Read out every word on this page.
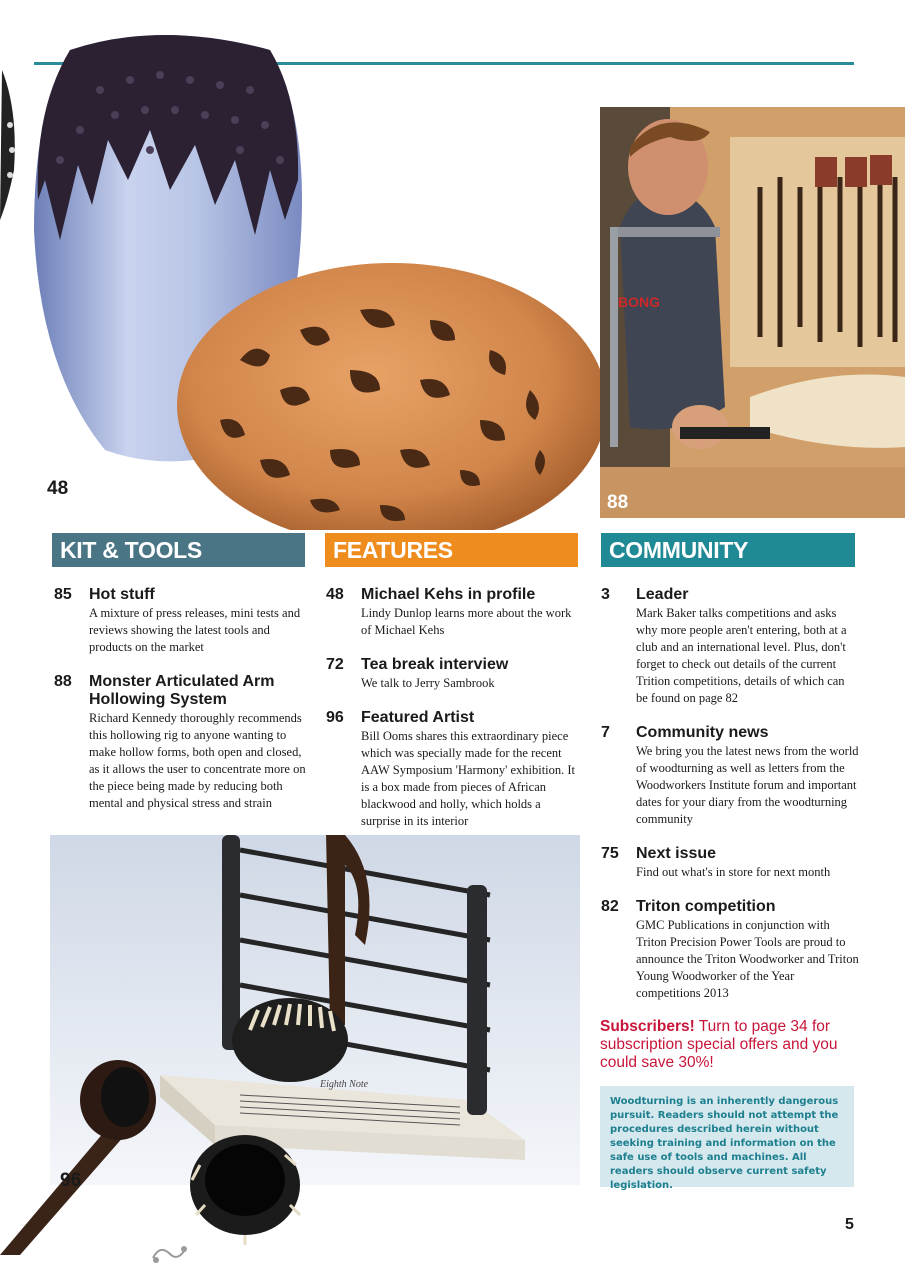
48
BONG
88
KIT & TOOLS	FEATURES	COMMUNITY
85 Hot stuff
A mixture of press releases, mini tests and reviews showing the latest tools and products on the market
88 Monster Articulated Arm Hollowing System
Richard Kennedy thoroughly recommends this hollowing rig to anyone wanting to make hollow forms, both open and closed, as it allows the user to concentrate more on the piece being made by reducing both mental and physical stress and strain
48 Michael Kehs in profile
Lindy Dunlop learns more about the work of Michael Kehs
72 Tea break interview
We talk to Jerry Sambrook
96 Featured Artist
Bill Ooms shares this extraordinary piece which was specially made for the recent AAW Symposium 'Harmony' exhibition. It is a box made from pieces of African blackwood and holly, which holds a surprise in its interior
3 Leader
Mark Baker talks competitions and asks why more people aren't entering, both at a club and an international level. Plus, don't forget to check out details of the current Trition competitions, details of which can be found on page 82
7 Community news
We bring you the latest news from the world of woodturning as well as letters from the Woodworkers Institute forum and important dates for your diary from the woodturning community
75 Next issue
Find out what's in store for next month
82 Triton competition
GMC Publications in conjunction with Triton Precision Power Tools are proud to announce the Triton Woodworker and Triton Young Woodworker of the Year competitions 2013
Eighth Note
96
Subscribers! Turn to page 34 for subscription special offers and you could save 30%!
Woodturning is an inherently dangerous pursuit. Readers should not attempt the procedures described herein without seeking training and information on the safe use of tools and machines. All readers should observe current safety legislation.
5
